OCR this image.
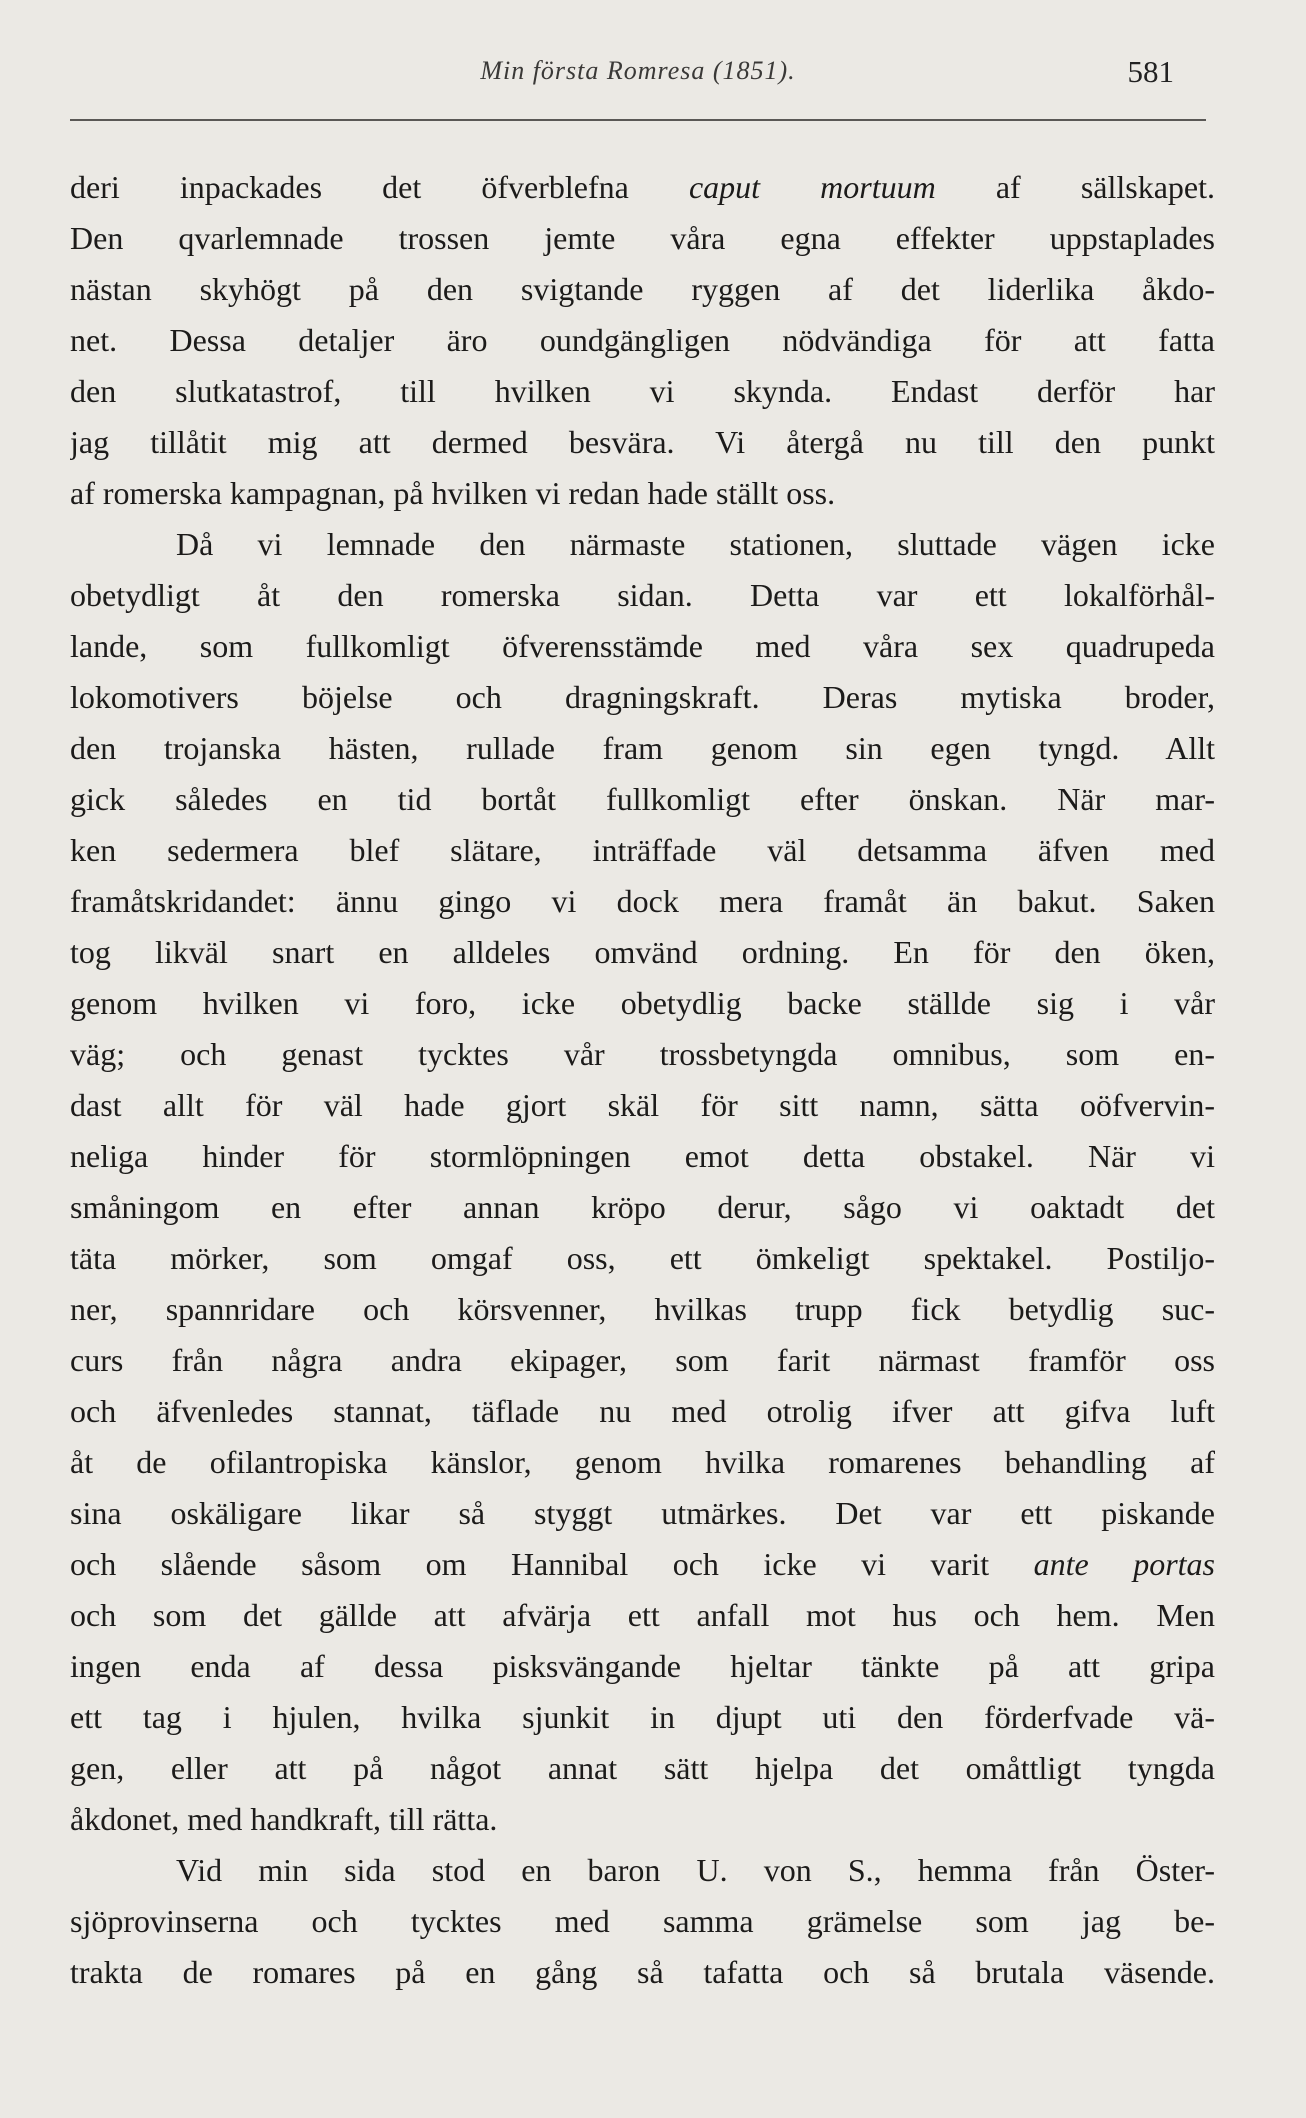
Min första Romresa (1851).	581
deri inpackades det öfverblefna caput mortuum af sällskapet.
Den qvarlemnade trossen jemte våra egna effekter uppstaplades
nästan skyhögt på den svigtande ryggen af det liderlika åkdo-
net. Dessa detaljer äro oundgängligen nödvändiga för att fatta
den slutkatastrof, till hvilken vi skynda. Endast derför har
jag tillåtit mig att dermed besvära. Vi återgå nu till den punkt
af romerska kampagnan, på hvilken vi redan hade ställt oss.
Då vi lemnade den närmaste stationen, sluttade vägen icke
obetydligt åt den romerska sidan. Detta var ett lokalförhål-
lande, som fullkomligt öfverensstämde med våra sex quadrupeda
lokomotivers böjelse och dragningskraft. Deras mytiska broder,
den trojanska hästen, rullade fram genom sin egen tyngd. Allt
gick således en tid bortåt fullkomligt efter önskan. När mar-
ken sedermera blef slätare, inträffade väl detsamma äfven med
framåtskridandet: ännu gingo vi dock mera framåt än bakut. Saken
tog likväl snart en alldeles omvänd ordning. En för den öken,
genom hvilken vi foro, icke obetydlig backe ställde sig i vår
väg; och genast tycktes vår trossbetyngda omnibus, som en-
dast allt för väl hade gjort skäl för sitt namn, sätta oöfvervin-
neliga hinder för stormlöpningen emot detta obstakel. När vi
småningom en efter annan kröpo derur, sågo vi oaktadt det
täta mörker, som omgaf oss, ett ömkeligt spektakel. Postiljo-
ner, spannridare och körsvenner, hvilkas trupp fick betydlig suc-
curs från några andra ekipager, som farit närmast framför oss
och äfvenledes stannat, täflade nu med otrolig ifver att gifva luft
åt de ofilantropiska känslor, genom hvilka romarenes behandling af
sina oskäligare likar så styggt utmärkes. Det var ett piskande
och slående såsom om Hannibal och icke vi varit ante portas
och som det gällde att afvärja ett anfall mot hus och hem. Men
ingen enda af dessa pisksvängande hjeltar tänkte på att gripa
ett tag i hjulen, hvilka sjunkit in djupt uti den förderfvade vä-
gen, eller att på något annat sätt hjelpa det omåttligt tyngda
åkdonet, med handkraft, till rätta.
Vid min sida stod en baron U. von S., hemma från Öster-
sjöprovinserna och tycktes med samma grämelse som jag be-
trakta de romares på en gång så tafatta och så brutala väsende.
